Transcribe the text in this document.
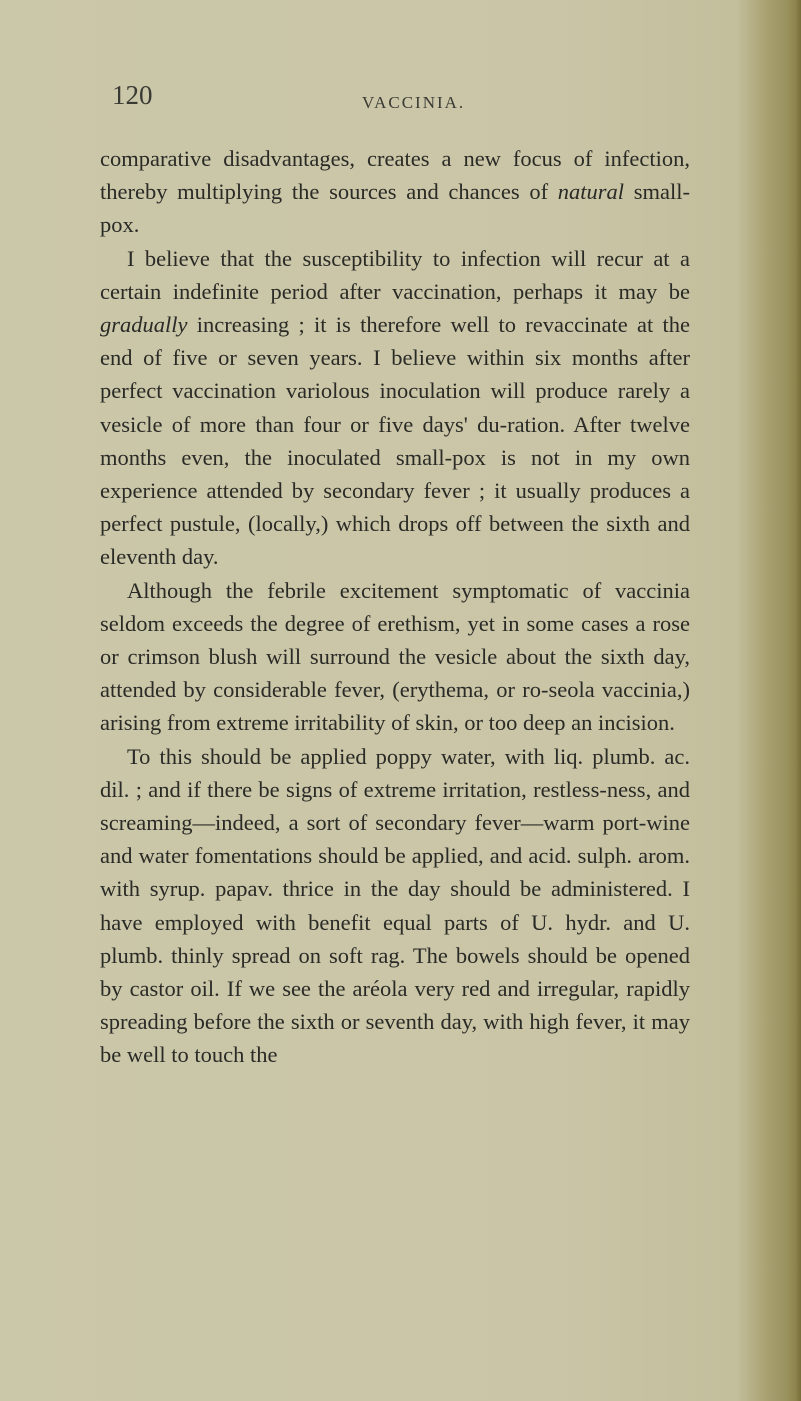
120	VACCINIA.

comparative disadvantages, creates a new focus of infection, thereby multiplying the sources and chances of natural small-pox.

I believe that the susceptibility to infection will recur at a certain indefinite period after vaccination, perhaps it may be gradually increasing ; it is therefore well to revaccinate at the end of five or seven years. I believe within six months after perfect vaccination variolous inoculation will produce rarely a vesicle of more than four or five days' du-ration. After twelve months even, the inoculated small-pox is not in my own experience attended by secondary fever ; it usually produces a perfect pustule, (locally,) which drops off between the sixth and eleventh day.

Although the febrile excitement symptomatic of vaccinia seldom exceeds the degree of erethism, yet in some cases a rose or crimson blush will surround the vesicle about the sixth day, attended by considerable fever, (erythema, or ro-seola vaccinia,) arising from extreme irritability of skin, or too deep an incision.

To this should be applied poppy water, with liq. plumb. ac. dil. ; and if there be signs of extreme irritation, restless-ness, and screaming—indeed, a sort of secondary fever—warm port-wine and water fomentations should be applied, and acid. sulph. arom. with syrup. papav. thrice in the day should be administered. I have employed with benefit equal parts of U. hydr. and U. plumb. thinly spread on soft rag. The bowels should be opened by castor oil. If we see the aréola very red and irregular, rapidly spreading before the sixth or seventh day, with high fever, it may be well to touch the
